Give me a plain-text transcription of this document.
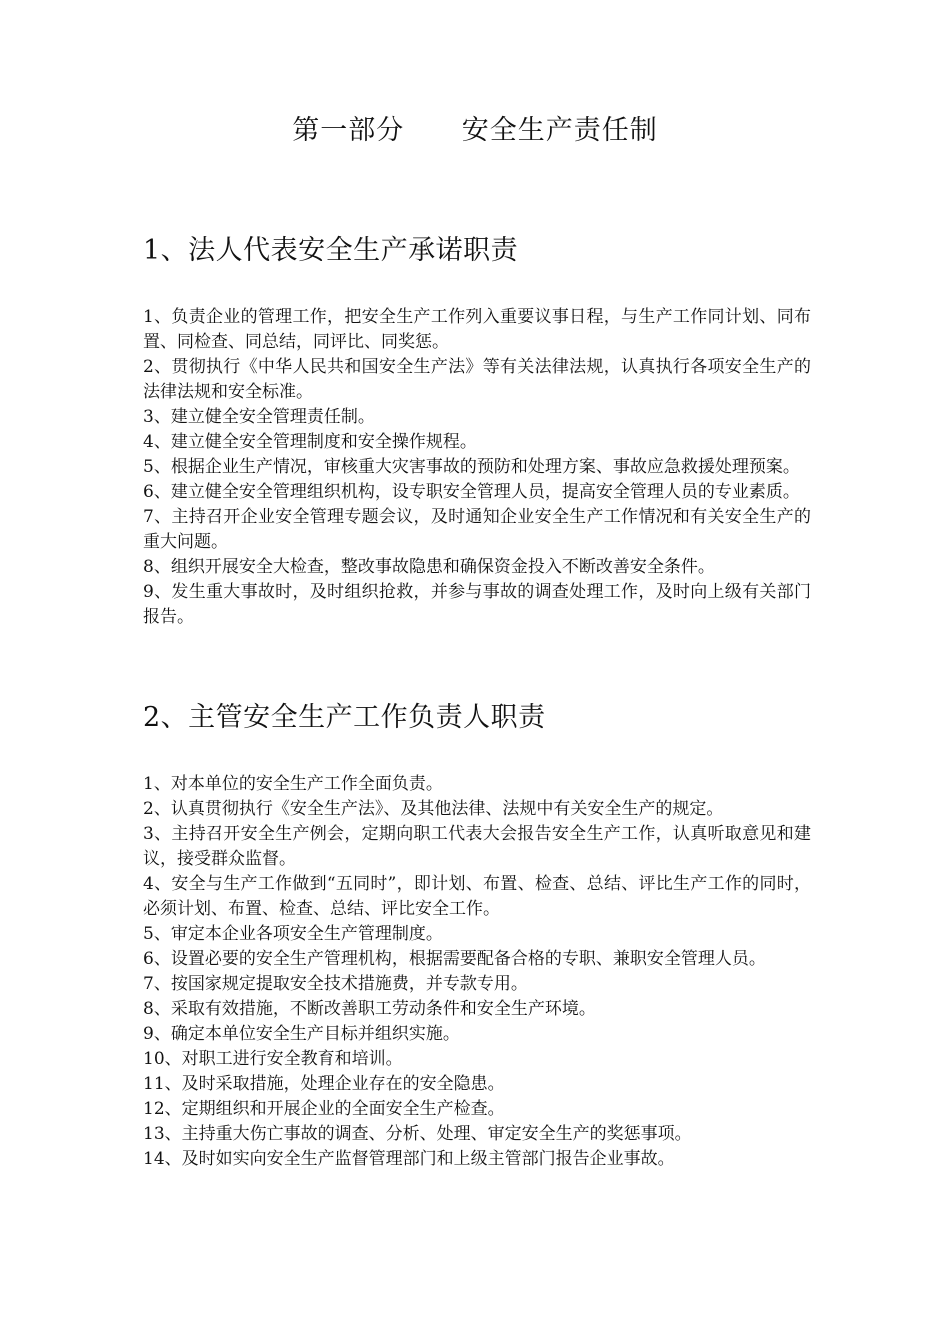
第一部分      安全生产责任制
1、法人代表安全生产承诺职责
1、负责企业的管理工作，把安全生产工作列入重要议事日程，与生产工作同计划、同布置、同检查、同总结，同评比、同奖惩。
2、贯彻执行《中华人民共和国安全生产法》等有关法律法规，认真执行各项安全生产的法律法规和安全标准。
3、建立健全安全管理责任制。
4、建立健全安全管理制度和安全操作规程。
5、根据企业生产情况，审核重大灾害事故的预防和处理方案、事故应急救援处理预案。
6、建立健全安全管理组织机构，设专职安全管理人员，提高安全管理人员的专业素质。
7、主持召开企业安全管理专题会议，及时通知企业安全生产工作情况和有关安全生产的重大问题。
8、组织开展安全大检查，整改事故隐患和确保资金投入不断改善安全条件。
9、发生重大事故时，及时组织抢救，并参与事故的调查处理工作，及时向上级有关部门报告。
2、主管安全生产工作负责人职责
1、对本单位的安全生产工作全面负责。
2、认真贯彻执行《安全生产法》、及其他法律、法规中有关安全生产的规定。
3、主持召开安全生产例会，定期向职工代表大会报告安全生产工作，认真听取意见和建议，接受群众监督。
4、安全与生产工作做到“五同时”，即计划、布置、检查、总结、评比生产工作的同时，必须计划、布置、检查、总结、评比安全工作。
5、审定本企业各项安全生产管理制度。
6、设置必要的安全生产管理机构，根据需要配备合格的专职、兼职安全管理人员。
7、按国家规定提取安全技术措施费，并专款专用。
8、采取有效措施，不断改善职工劳动条件和安全生产环境。
9、确定本单位安全生产目标并组织实施。
10、对职工进行安全教育和培训。
11、及时采取措施，处理企业存在的安全隐患。
12、定期组织和开展企业的全面安全生产检查。
13、主持重大伤亡事故的调查、分析、处理、审定安全生产的奖惩事项。
14、及时如实向安全生产监督管理部门和上级主管部门报告企业事故。
